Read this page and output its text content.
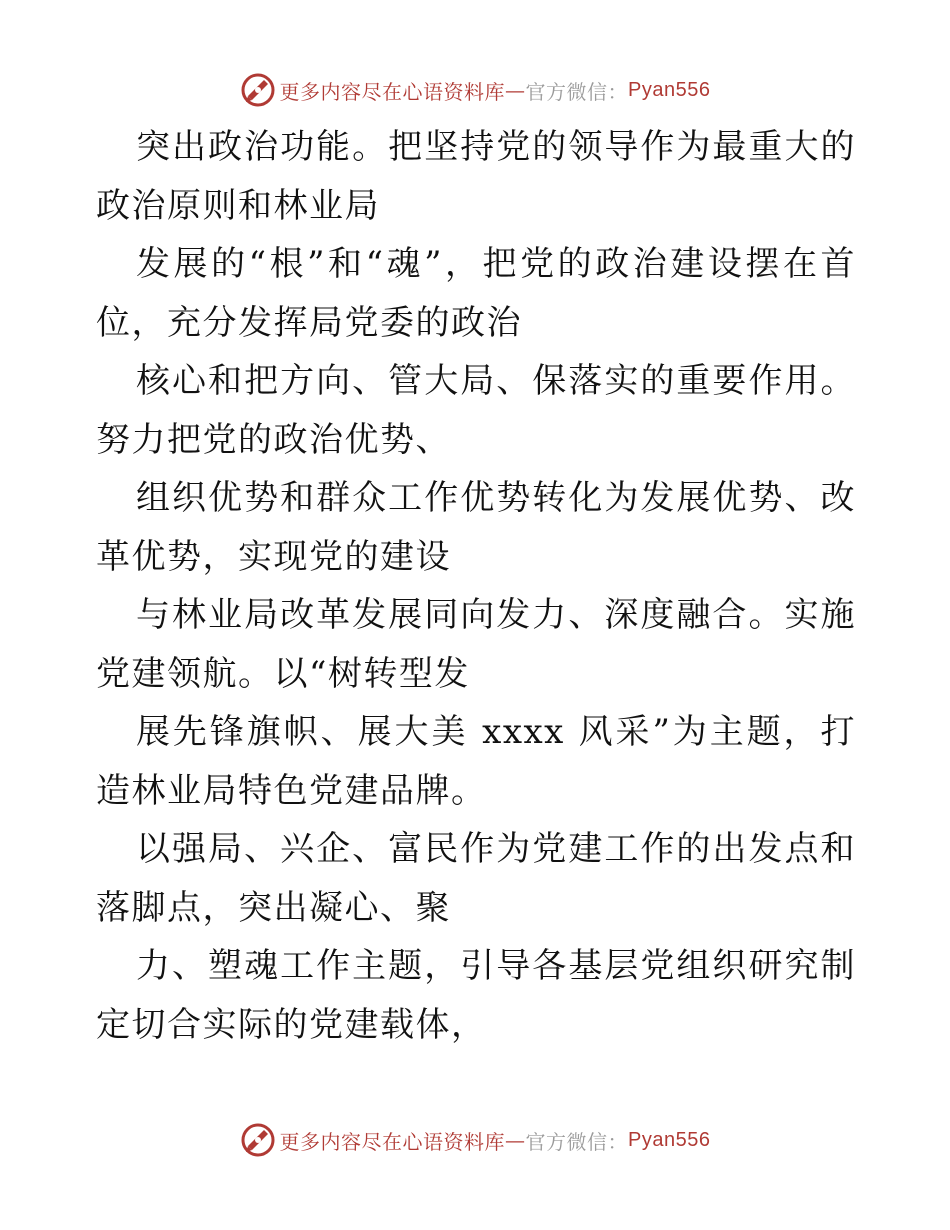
更多内容尽在心语资料库 — 官方微信： Pyan556

突出政治功能。把坚持党的领导作为最重大的政治原则和林业局

发展的“根”和“魂”，把党的政治建设摆在首位，充分发挥局党委的政治

核心和把方向、管大局、保落实的重要作用。努力把党的政治优势、

组织优势和群众工作优势转化为发展优势、改革优势，实现党的建设

与林业局改革发展同向发力、深度融合。实施党建领航。以“树转型发

展先锋旗帜、展大美 xxxx 风采”为主题，打造林业局特色党建品牌。

以强局、兴企、富民作为党建工作的出发点和落脚点，突出凝心、聚

力、塑魂工作主题，引导各基层党组织研究制定切合实际的党建载体，

更多内容尽在心语资料库 — 官方微信： Pyan556
